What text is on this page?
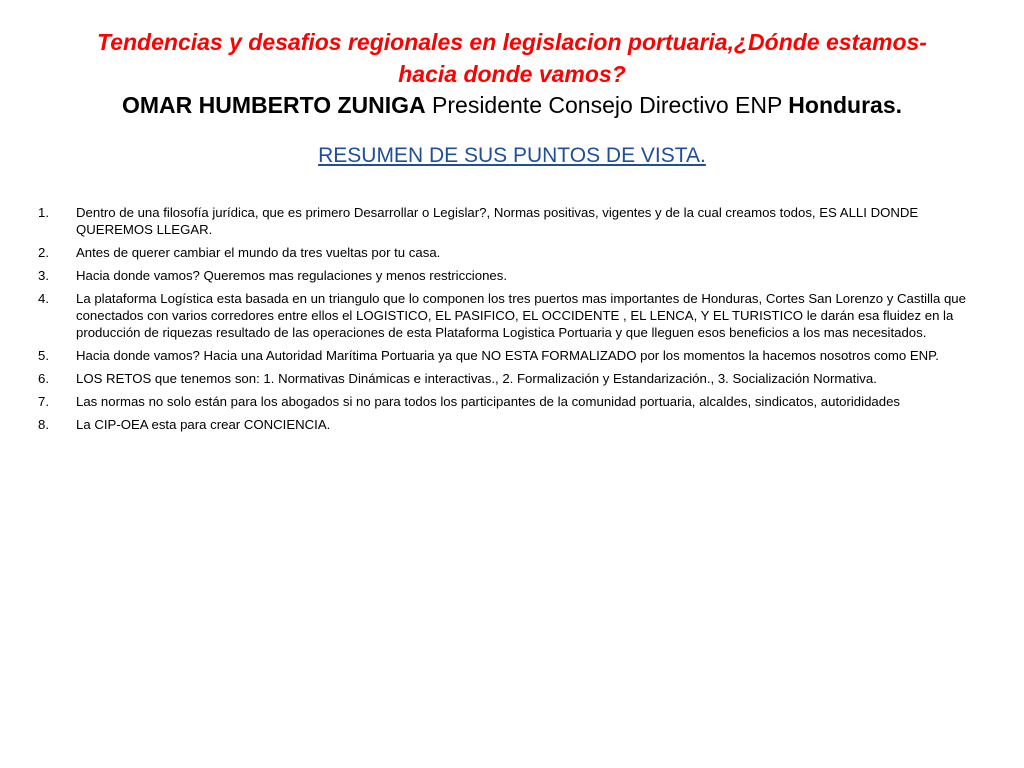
Tendencias y desafios regionales en legislacion portuaria,¿Dónde estamos-

hacia donde vamos?

OMAR HUMBERTO ZUNIGA Presidente Consejo Directivo ENP Honduras.

RESUMEN DE SUS PUNTOS DE VISTA.

1.	Dentro de una filosofía jurídica, que es primero Desarrollar o Legislar?, Normas positivas, vigentes y de la cual creamos todos, ES ALLI DONDE QUEREMOS LLEGAR.
2.	Antes de querer cambiar el mundo da tres vueltas por tu casa.
3.	Hacia donde vamos? Queremos mas regulaciones y menos restricciones.
4.	La plataforma Logística esta basada en un triangulo que lo componen los tres puertos mas importantes de Honduras, Cortes San Lorenzo y Castilla que conectados con varios corredores entre ellos el LOGISTICO, EL PASIFICO, EL OCCIDENTE , EL LENCA, Y EL TURISTICO le darán esa fluidez en la producción de riquezas resultado de las operaciones de esta Plataforma Logistica Portuaria y que lleguen esos beneficios a los mas necesitados.
5.	Hacia donde vamos? Hacia una Autoridad Marítima Portuaria ya que NO ESTA FORMALIZADO por los momentos la hacemos nosotros como ENP.
6.	LOS RETOS que tenemos son: 1. Normativas Dinámicas e interactivas., 2. Formalización y Estandarización., 3. Socialización Normativa.
7.	Las normas no solo están para los abogados si no para todos los participantes de la comunidad portuaria, alcaldes, sindicatos, autorididades
8.	La CIP-OEA esta para crear CONCIENCIA.
